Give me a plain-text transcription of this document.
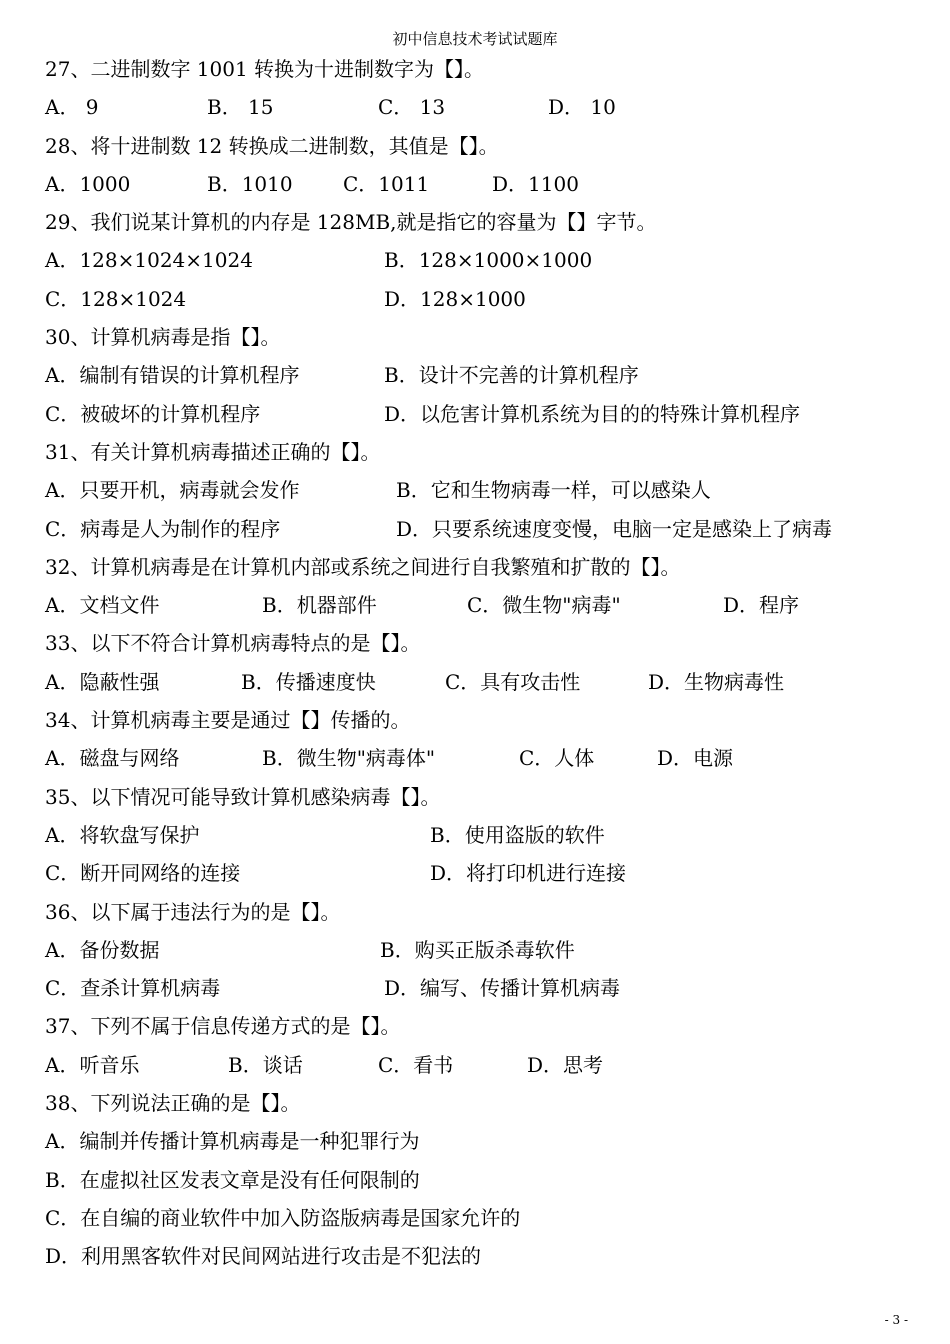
初中信息技术考试试题库
27、二进制数字 1001 转换为十进制数字为【】。
A． 9	B． 15	C． 13	D． 10
28、将十进制数 12 转换成二进制数，其值是【】。
A．1000	B．1010	C．1011	D．1100
29、我们说某计算机的内存是 128MB,就是指它的容量为【】字节。
A．128×1024×1024	B．128×1000×1000
C．128×1024	D．128×1000
30、计算机病毒是指【】。
A．编制有错误的计算机程序	B．设计不完善的计算机程序
C．被破坏的计算机程序	D．以危害计算机系统为目的的特殊计算机程序
31、有关计算机病毒描述正确的【】。
A．只要开机，病毒就会发作	B．它和生物病毒一样，可以感染人
C．病毒是人为制作的程序	D．只要系统速度变慢，电脑一定是感染上了病毒
32、计算机病毒是在计算机内部或系统之间进行自我繁殖和扩散的【】。
A．文档文件	B．机器部件	C．微生物"病毒"	D．程序
33、以下不符合计算机病毒特点的是【】。
A．隐蔽性强	B．传播速度快	C．具有攻击性	D．生物病毒性
34、计算机病毒主要是通过【】传播的。
A．磁盘与网络	B．微生物"病毒体"	C．人体	D．电源
35、以下情况可能导致计算机感染病毒【】。
A．将软盘写保护	B．使用盗版的软件
C．断开同网络的连接	D．将打印机进行连接
36、以下属于违法行为的是【】。
A．备份数据	B．购买正版杀毒软件
C．查杀计算机病毒	D．编写、传播计算机病毒
37、下列不属于信息传递方式的是【】。
A．听音乐	B．谈话	C．看书	D．思考
38、下列说法正确的是【】。
A．编制并传播计算机病毒是一种犯罪行为
B．在虚拟社区发表文章是没有任何限制的
C．在自编的商业软件中加入防盗版病毒是国家允许的
D．利用黑客软件对民间网站进行攻击是不犯法的
- 3 -
